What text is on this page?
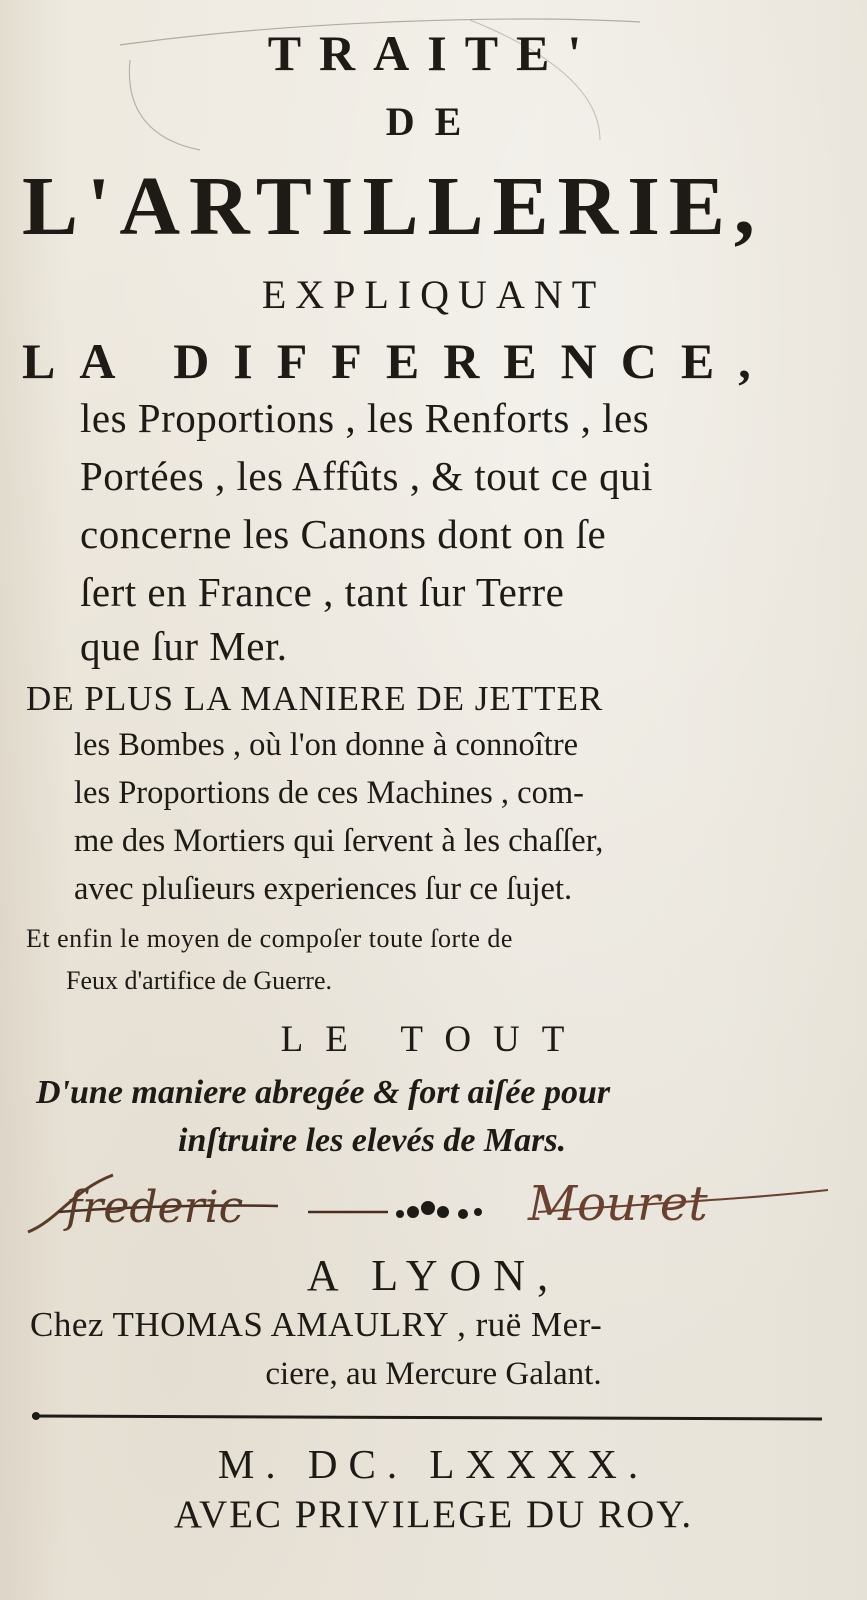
TRAITE'
DE
L'ARTILLERIE,
EXPLIQUANT
LA DIFFERENCE,
les Proportions , les Renforts , les
Portées , les Affûts , & tout ce qui
concerne les Canons dont on ſe
ſert en France , tant ſur Terre
que ſur Mer.
DE PLUS LA MANIERE DE JETTER
les Bombes , où l'on donne à connoître
les Proportions de ces Machines , com-
me des Mortiers qui ſervent à les chaſſer,
avec pluſieurs experiences ſur ce ſujet.
Et enfin le moyen de compoſer toute ſorte de
Feux d'artifice de Guerre.
LE TOUT
D'une maniere abregée & fort aiſée pour
inſtruire les elevés de Mars.
frederic	Mouret
A LYON,
Chez THOMAS AMAULRY , ruë Mer-
ciere, au Mercure Galant.
M. DC. LXXXX.
AVEC PRIVILEGE DU ROY.
